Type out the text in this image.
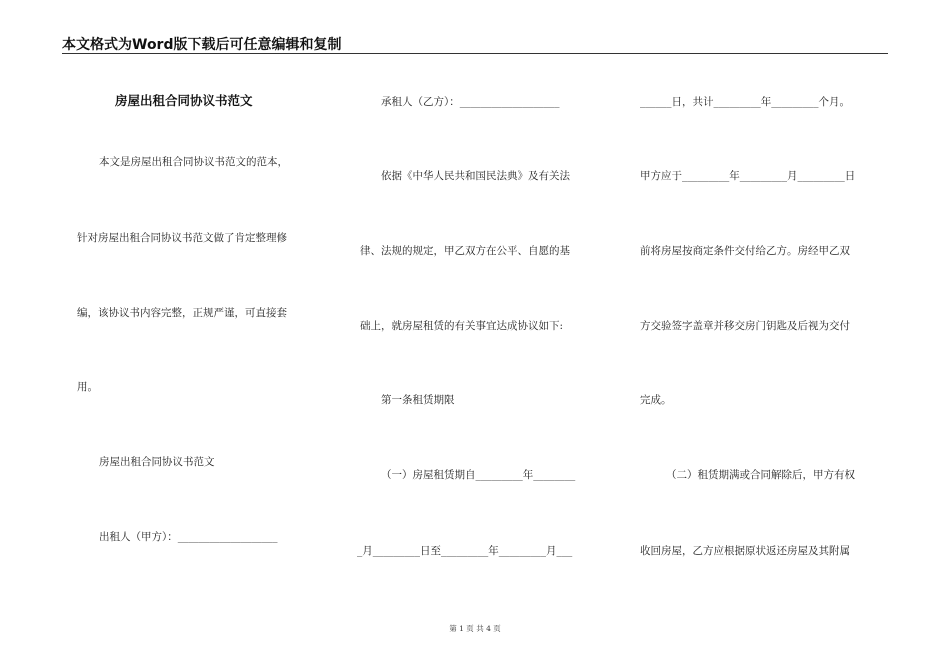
本文格式为Word版下载后可任意编辑和复制
房屋出租合同协议书范文
本文是房屋出租合同协议书范文的范本，
针对房屋出租合同协议书范文做了肯定整理修
编，该协议书内容完整，正规严谨，可直接套
用。
房屋出租合同协议书范文
出租人（甲方）：___________________
承租人（乙方）：___________________
依据《中华人民共和国民法典》及有关法
律、法规的规定，甲乙双方在公平、自愿的基
础上，就房屋租赁的有关事宜达成协议如下:
第一条租赁期限
（一）房屋租赁期自_________年________
_月_________日至_________年_________月___
______日，共计_________年_________个月。
甲方应于_________年_________月_________日
前将房屋按商定条件交付给乙方。房经甲乙双
方交验签字盖章并移交房门钥匙及后视为交付
完成。
（二）租赁期满或合同解除后，甲方有权
收回房屋，乙方应根据原状返还房屋及其附属
第 1 页 共 4 页
